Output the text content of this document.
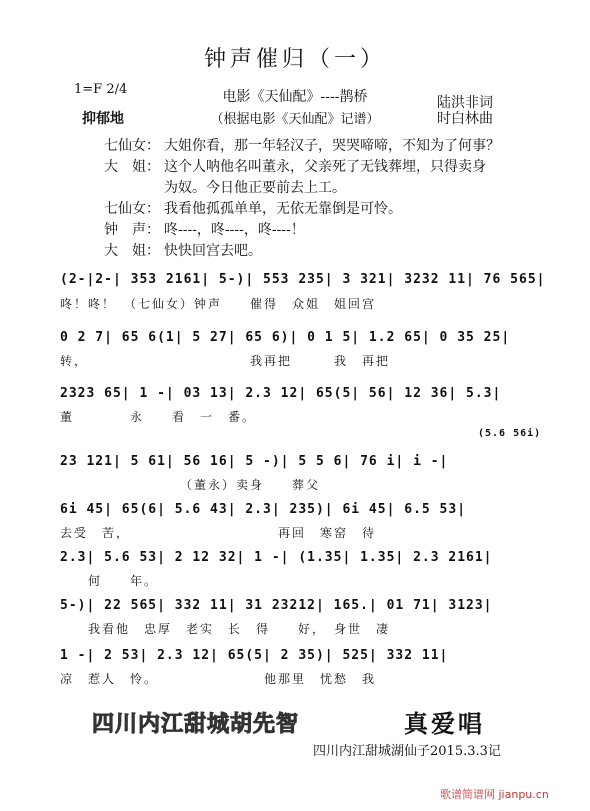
钟声催归（一）
电影《天仙配》----鹊桥
（根据电影《天仙配》记谱）
1=F 2/4
抑郁地
陆洪非词
时白林曲
七仙女： 大姐你看，那一年轻汉子，哭哭啼啼，不知为了何事？
大　姐： 这个人呐他名叫董永，父亲死了无钱葬埋，只得卖身
为奴。今日他正要前去上工。
七仙女： 我看他孤孤单单，无依无靠倒是可怜。
钟　声： 咚----，咚----，咚----！
大　姐： 快快回宫去吧。
(2-|2-| 353 2161| 5-)| 553 235| 3 321| 3232 11| 76 565|
咚！咚！　（七仙女）钟声　　催得　众姐　姐回宫
0 2 7| 65 6(1| 5 27| 65 6)| 0 1 5| 1.2 65| 0 35 25|
转，　　　　　　　　　　　　我再把　　　我　再把
2323 65| 1 -| 03 13| 2.3 12| 65(5| 56| 12 36| 5.3|
董　　　　永　　看　一　番。
(5.6 56i)
23 121| 5 61| 56 16| 5 -)| 5 5 6| 76 i| i -|
　　　　　　　　　（董永）卖身　　葬父
6i 45| 65(6| 5.6 43| 2.3| 235)| 6i 45| 6.5 53|
去受　苦，　　　　　　　　　　　再回　寒窑　待
2.3| 5.6 53| 2 12 32| 1 -| (1.35| 1.35| 2.3 2161|
　　何　　年。
5-)| 22 565| 332 11| 31 23212| 165.| 01 71| 3123|
　　我看他　忠厚　老实　长　得　　好，　身世　凄
1 -| 2 53| 2.3 12| 65(5| 2 35)| 525| 332 11|
凉　惹人　怜。　　　　　　　　他那里　忧愁　我
四川内江甜城胡先智	真爱唱
四川内江甜城湖仙子2015.3.3记
歌谱简谱网 jianpu.cn
